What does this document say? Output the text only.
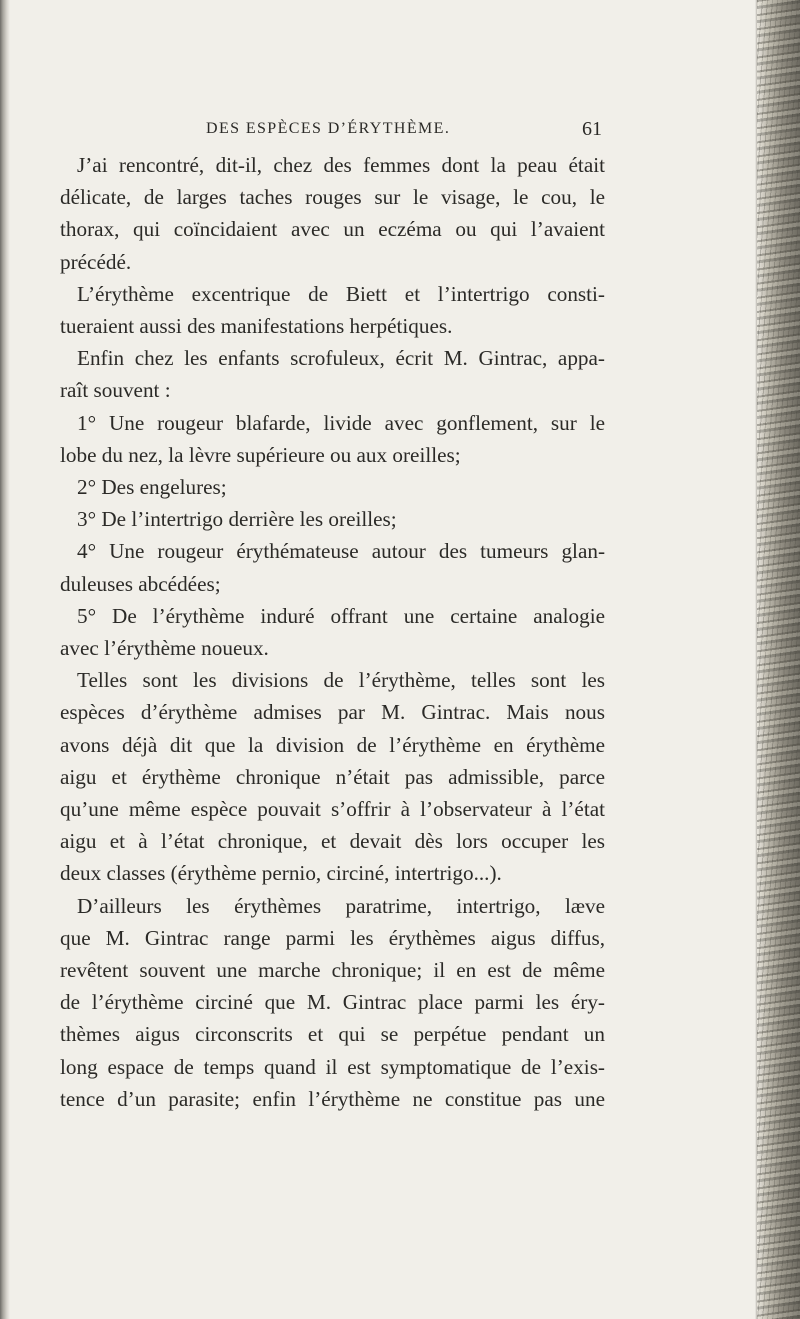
DES ESPÈCES D’ÉRYTHÈME.	61

J’ai rencontré, dit-il, chez des femmes dont la peau était

délicate, de larges taches rouges sur le visage, le cou, le

thorax, qui coïncidaient avec un eczéma ou qui l’avaient

précédé.

L’érythème excentrique de Biett et l’intertrigo consti-

tueraient aussi des manifestations herpétiques.

Enfin chez les enfants scrofuleux, écrit M. Gintrac, appa-

raît souvent :

1° Une rougeur blafarde, livide avec gonflement, sur le

lobe du nez, la lèvre supérieure ou aux oreilles;

2° Des engelures;

3° De l’intertrigo derrière les oreilles;

4° Une rougeur érythémateuse autour des tumeurs glan-

duleuses abcédées;

5° De l’érythème induré offrant une certaine analogie

avec l’érythème noueux.

Telles sont les divisions de l’érythème, telles sont les

espèces d’érythème admises par M. Gintrac. Mais nous

avons déjà dit que la division de l’érythème en érythème

aigu et érythème chronique n’était pas admissible, parce

qu’une même espèce pouvait s’offrir à l’observateur à l’état

aigu et à l’état chronique, et devait dès lors occuper les

deux classes (érythème pernio, circiné, intertrigo...).

D’ailleurs les érythèmes paratrime, intertrigo, læve

que M. Gintrac range parmi les érythèmes aigus diffus,

revêtent souvent une marche chronique; il en est de même

de l’érythème circiné que M. Gintrac place parmi les éry-

thèmes aigus circonscrits et qui se perpétue pendant un

long espace de temps quand il est symptomatique de l’exis-

tence d’un parasite; enfin l’érythème ne constitue pas une
